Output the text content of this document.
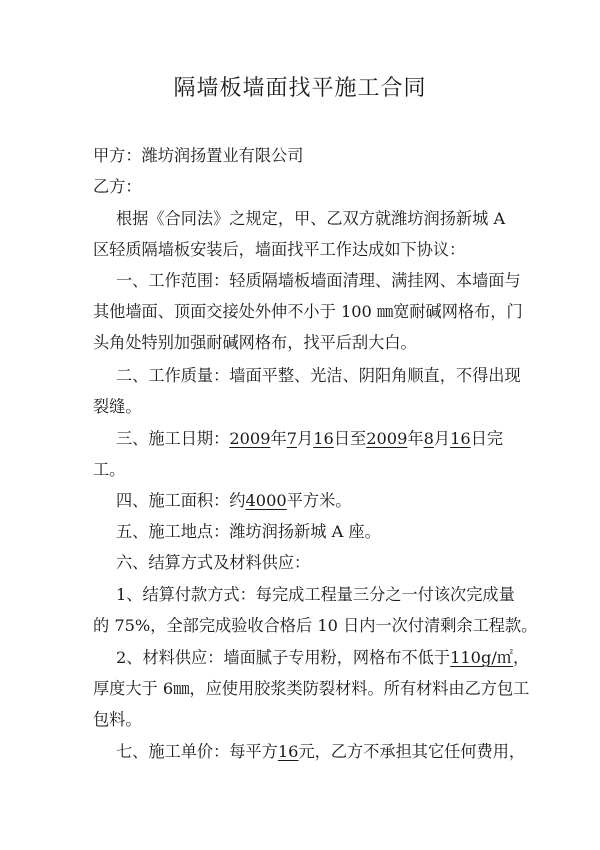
隔墙板墙面找平施工合同
甲方：潍坊润扬置业有限公司
乙方：
根据《合同法》之规定，甲、乙双方就潍坊润扬新城 A
区轻质隔墙板安装后，墙面找平工作达成如下协议：
一、工作范围：轻质隔墙板墙面清理、满挂网、本墙面与
其他墙面、顶面交接处外伸不小于 100 ㎜宽耐碱网格布，门
头角处特别加强耐碱网格布，找平后刮大白。
二、工作质量：墙面平整、光洁、阴阳角顺直，不得出现
裂缝。
三、施工日期：2009年7月16日至2009年8月16日完
工。
四、施工面积：约4000平方米。
五、施工地点：潍坊润扬新城 A 座。
六、结算方式及材料供应：
1、结算付款方式：每完成工程量三分之一付该次完成量
的 75%，全部完成验收合格后 10 日内一次付清剩余工程款。
2、材料供应：墙面腻子专用粉，网格布不低于110g/㎡，
厚度大于 6㎜，应使用胶浆类防裂材料。所有材料由乙方包工
包料。
七、施工单价：每平方16元，乙方不承担其它任何费用，
